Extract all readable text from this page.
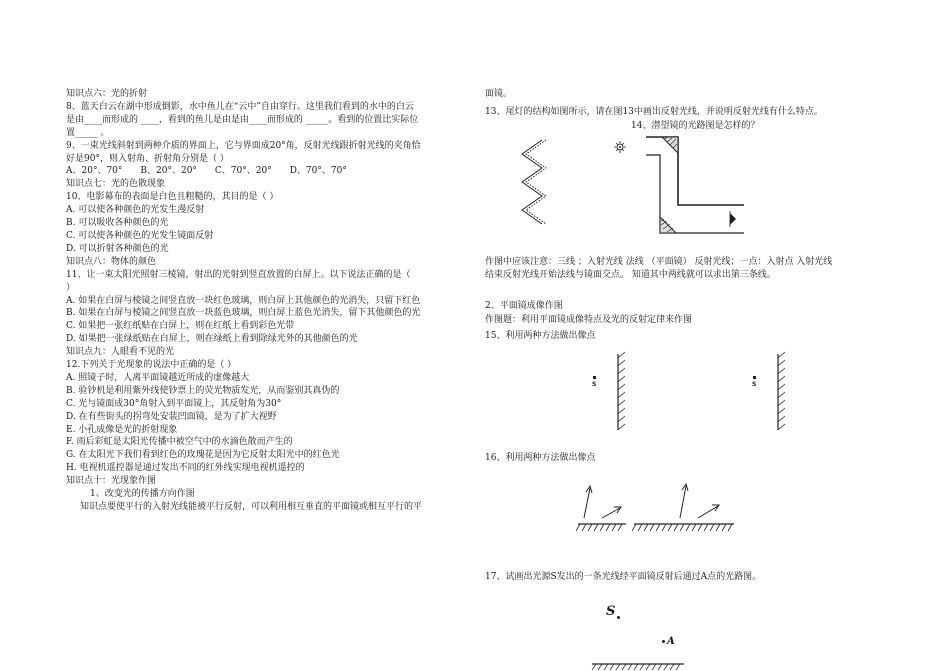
知识点六：光的折射

8、蓝天白云在湖中形成倒影，水中鱼儿在“云中”自由穿行。这里我们看到的水中的白云

是由____而形成的 ____，看到的鱼儿是由是由____而形成的 _____。看到的位置比实际位

置_____ 。

9、一束光线斜射到两种介质的界面上，它与界面成20°角，反射光线跟折射光线的夹角恰

好是90°，则入射角、折射角分别是（ ）

A、20°、70°　　B、20°、20°　　C、70°、20°　　D、70°、70°

知识点七：光的色散现象

10、电影幕布的表面是白色且粗糙的，其目的是（ ）

A. 可以使各种颜色的光发生漫反射

B. 可以吸收各种颜色的光

C. 可以使各种颜色的光发生镜面反射

D. 可以折射各种颜色的光

知识点八：物体的颜色

11、让一束太阳光照射三棱镜，射出的光射到竖直放置的白屏上。以下说法正确的是（

）

A. 如果在白屏与棱镜之间竖直放一块红色玻璃，则白屏上其他颜色的光消失，只留下红色

B. 如果在白屏与棱镜之间竖直放一块蓝色玻璃，则白屏上蓝色光消失，留下其他颜色的光

C. 如果把一张红纸贴在白屏上，则在红纸上看到彩色光带

D. 如果把一张绿纸贴在白屏上，则在绿纸上看到除绿光外的其他颜色的光

知识点九：人眼看不见的光

12.下列关于光现象的说法中正确的是（ ）

A. 照镜子时，人离平面镜越近所成的虚像越大

B. 验钞机是利用紫外线使钞票上的荧光物质发光，从而鉴别其真伪的

C. 光与镜面成30°角射入到平面镜上，其反射角为30°

D. 在有些街头的拐弯处安装凹面镜，是为了扩大视野

E. 小孔成像是光的折射现象

F. 雨后彩虹是太阳光传播中被空气中的水滴色散而产生的

G. 在太阳光下我们看到红色的玫瑰花是因为它反射太阳光中的红色光

H. 电视机遥控器是通过发出不同的红外线实现电视机遥控的

知识点十：光现象作图

1、改变光的传播方向作图

知识点要使平行的入射光线能被平行反射，可以利用相互垂直的平面镜或相互平行的平

面镜。

13、尾灯的结构如图所示，请在图13中画出反射光线，并说明反射光线有什么特点。

14、潜望镜的光路图是怎样的？

作图中应该注意：三线 ；入射光线 法线 （平面镜） 反射光线；一点：入射点 入射光线

结束反射光线开始法线与镜面交点。 知道其中两线就可以求出第三条线。

2、平面镜成像作图

作图题：利用平面镜成像特点及光的反射定律来作图

15、利用两种方法做出像点

16、利用两种方法做出像点

17、试画出光源S发出的一条光线经平面镜反射后通过A点的光路图。

S	S
S
A
